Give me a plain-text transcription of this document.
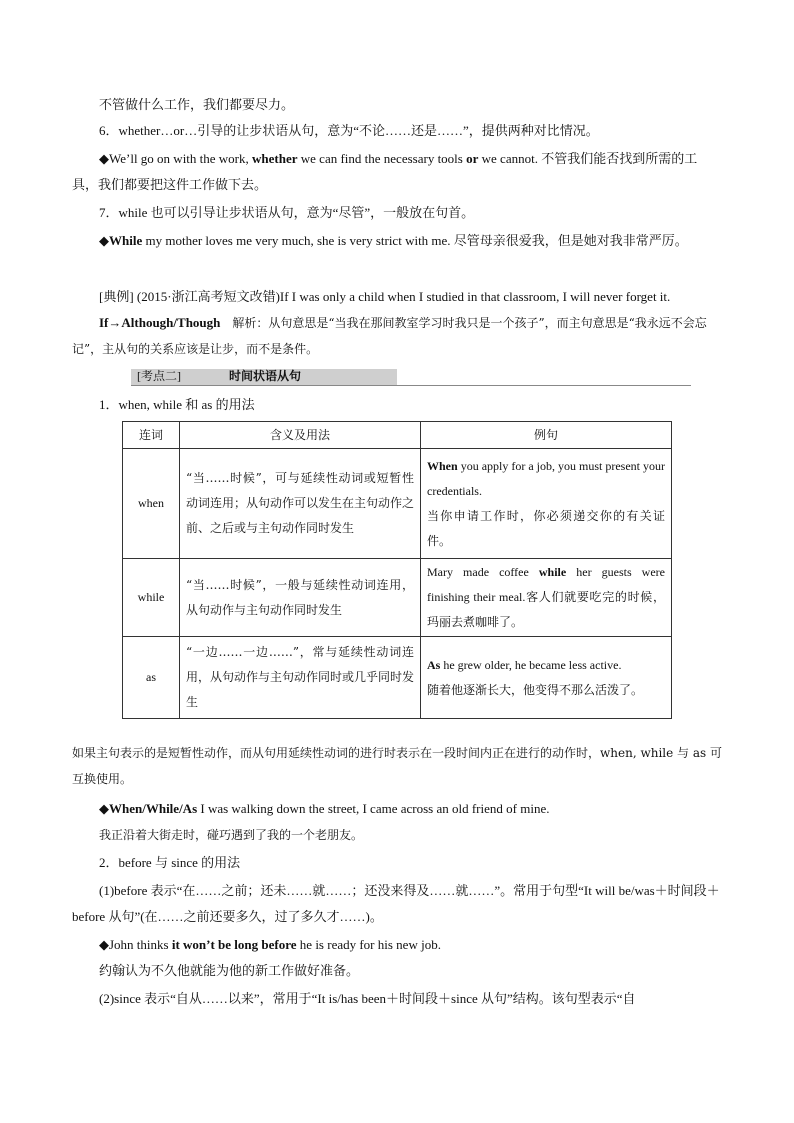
不管做什么工作，我们都要尽力。

6．whether…or…引导的让步状语从句，意为“不论……还是……”，提供两种对比情况。

◆We’ll go on with the work, whether we can find the necessary tools or we cannot. 不管我们能否找到所需的工具，我们都要把这件工作做下去。

7．while 也可以引导让步状语从句，意为“尽管”，一般放在句首。

◆While my mother loves me very much, she is very strict with me. 尽管母亲很爱我，但是她对我非常严厉。

[典例] (2015·浙江高考短文改错)If I was only a child when I studied in that classroom, I will never forget it.

If→Although/Though　解析：从句意思是“当我在那间教室学习时我只是一个孩子”，而主句意思是“我永远不会忘记”，主从句的关系应该是让步，而不是条件。

[考点二]	时间状语从句

1．when, while 和 as 的用法

连词	含义及用法	例句
when	“当……时候”，可与延续性动词或短暂性动词连用；从句动作可以发生在主句动作之前、之后或与主句动作同时发生	When you apply for a job, you must present your credentials.
当你申请工作时，你必须递交你的有关证件。
while	“当……时候”，一般与延续性动词连用，从句动作与主句动作同时发生	Mary made coffee while her guests were finishing their meal.客人们就要吃完的时候，玛丽去煮咖啡了。
as	“一边……一边……”，常与延续性动词连用，从句动作与主句动作同时或几乎同时发生	As he grew older, he became less active.
随着他逐渐长大，他变得不那么活泼了。

如果主句表示的是短暂性动作，而从句用延续性动词的进行时表示在一段时间内正在进行的动作时，when, while 与 as 可互换使用。

◆When/While/As I was walking down the street, I came across an old friend of mine.

我正沿着大街走时，碰巧遇到了我的一个老朋友。

2．before 与 since 的用法

(1)before 表示“在……之前；还未……就……；还没来得及……就……”。常用于句型“It will be/was＋时间段＋before 从句”(在……之前还要多久，过了多久才……)。

◆John thinks it won’t be long before he is ready for his new job.

约翰认为不久他就能为他的新工作做好准备。

(2)since 表示“自从……以来”，常用于“It is/has been＋时间段＋since 从句”结构。该句型表示“自
